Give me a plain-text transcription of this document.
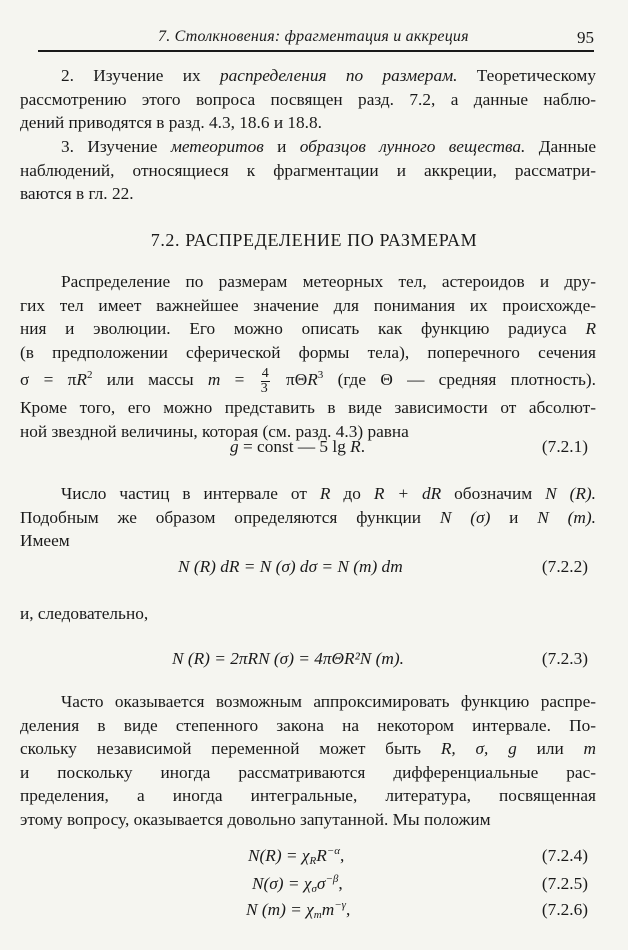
7. Столкновения: фрагментация и аккреция	95
2. Изучение их распределения по размерам. Теоретическому
рассмотрению этого вопроса посвящен разд. 7.2, а данные наблю-
дений приводятся в разд. 4.3, 18.6 и 18.8.
3. Изучение метеоритов и образцов лунного вещества. Данные
наблюдений, относящиеся к фрагментации и аккреции, рассматри-
ваются в гл. 22.
7.2. РАСПРЕДЕЛЕНИЕ ПО РАЗМЕРАМ
Распределение по размерам метеорных тел, астероидов и дру-
гих тел имеет важнейшее значение для понимания их происхожде-
ния и эволюции. Его можно описать как функцию радиуса R
(в предположении сферической формы тела), поперечного сечения
$\sigma = \pi R^2$ или массы $m = \frac{4}{3} \pi\Theta R^3$ (где Θ — средняя плотность).
Кроме того, его можно представить в виде зависимости от абсолют-
ной звездной величины, которая (см. разд. 4.3) равна
g = const — 5 lg R.	(7.2.1)
Число частиц в интервале от R до R + dR обозначим N (R).
Подобным же образом определяются функции N (σ) и N (m).
Имеем
N (R) dR = N (σ) dσ = N (m) dm	(7.2.2)
и, следовательно,
N (R) = 2πRN (σ) = 4πΘR²N (m).	(7.2.3)
Часто оказывается возможным аппроксимировать функцию распре-
деления в виде степенного закона на некотором интервале. По-
скольку независимой переменной может быть R, σ, g или m
и поскольку иногда рассматриваются дифференциальные рас-
пределения, а иногда интегральные, литература, посвященная
этому вопросу, оказывается довольно запутанной. Мы положим
$N(R) = \chi_RR^{-\alpha}$,	(7.2.4)
$N(\sigma) = \chi_\sigma\sigma^{-\beta}$,	(7.2.5)
N $(m) = \chi_mm^{-\gamma}$,	(7.2.6)
